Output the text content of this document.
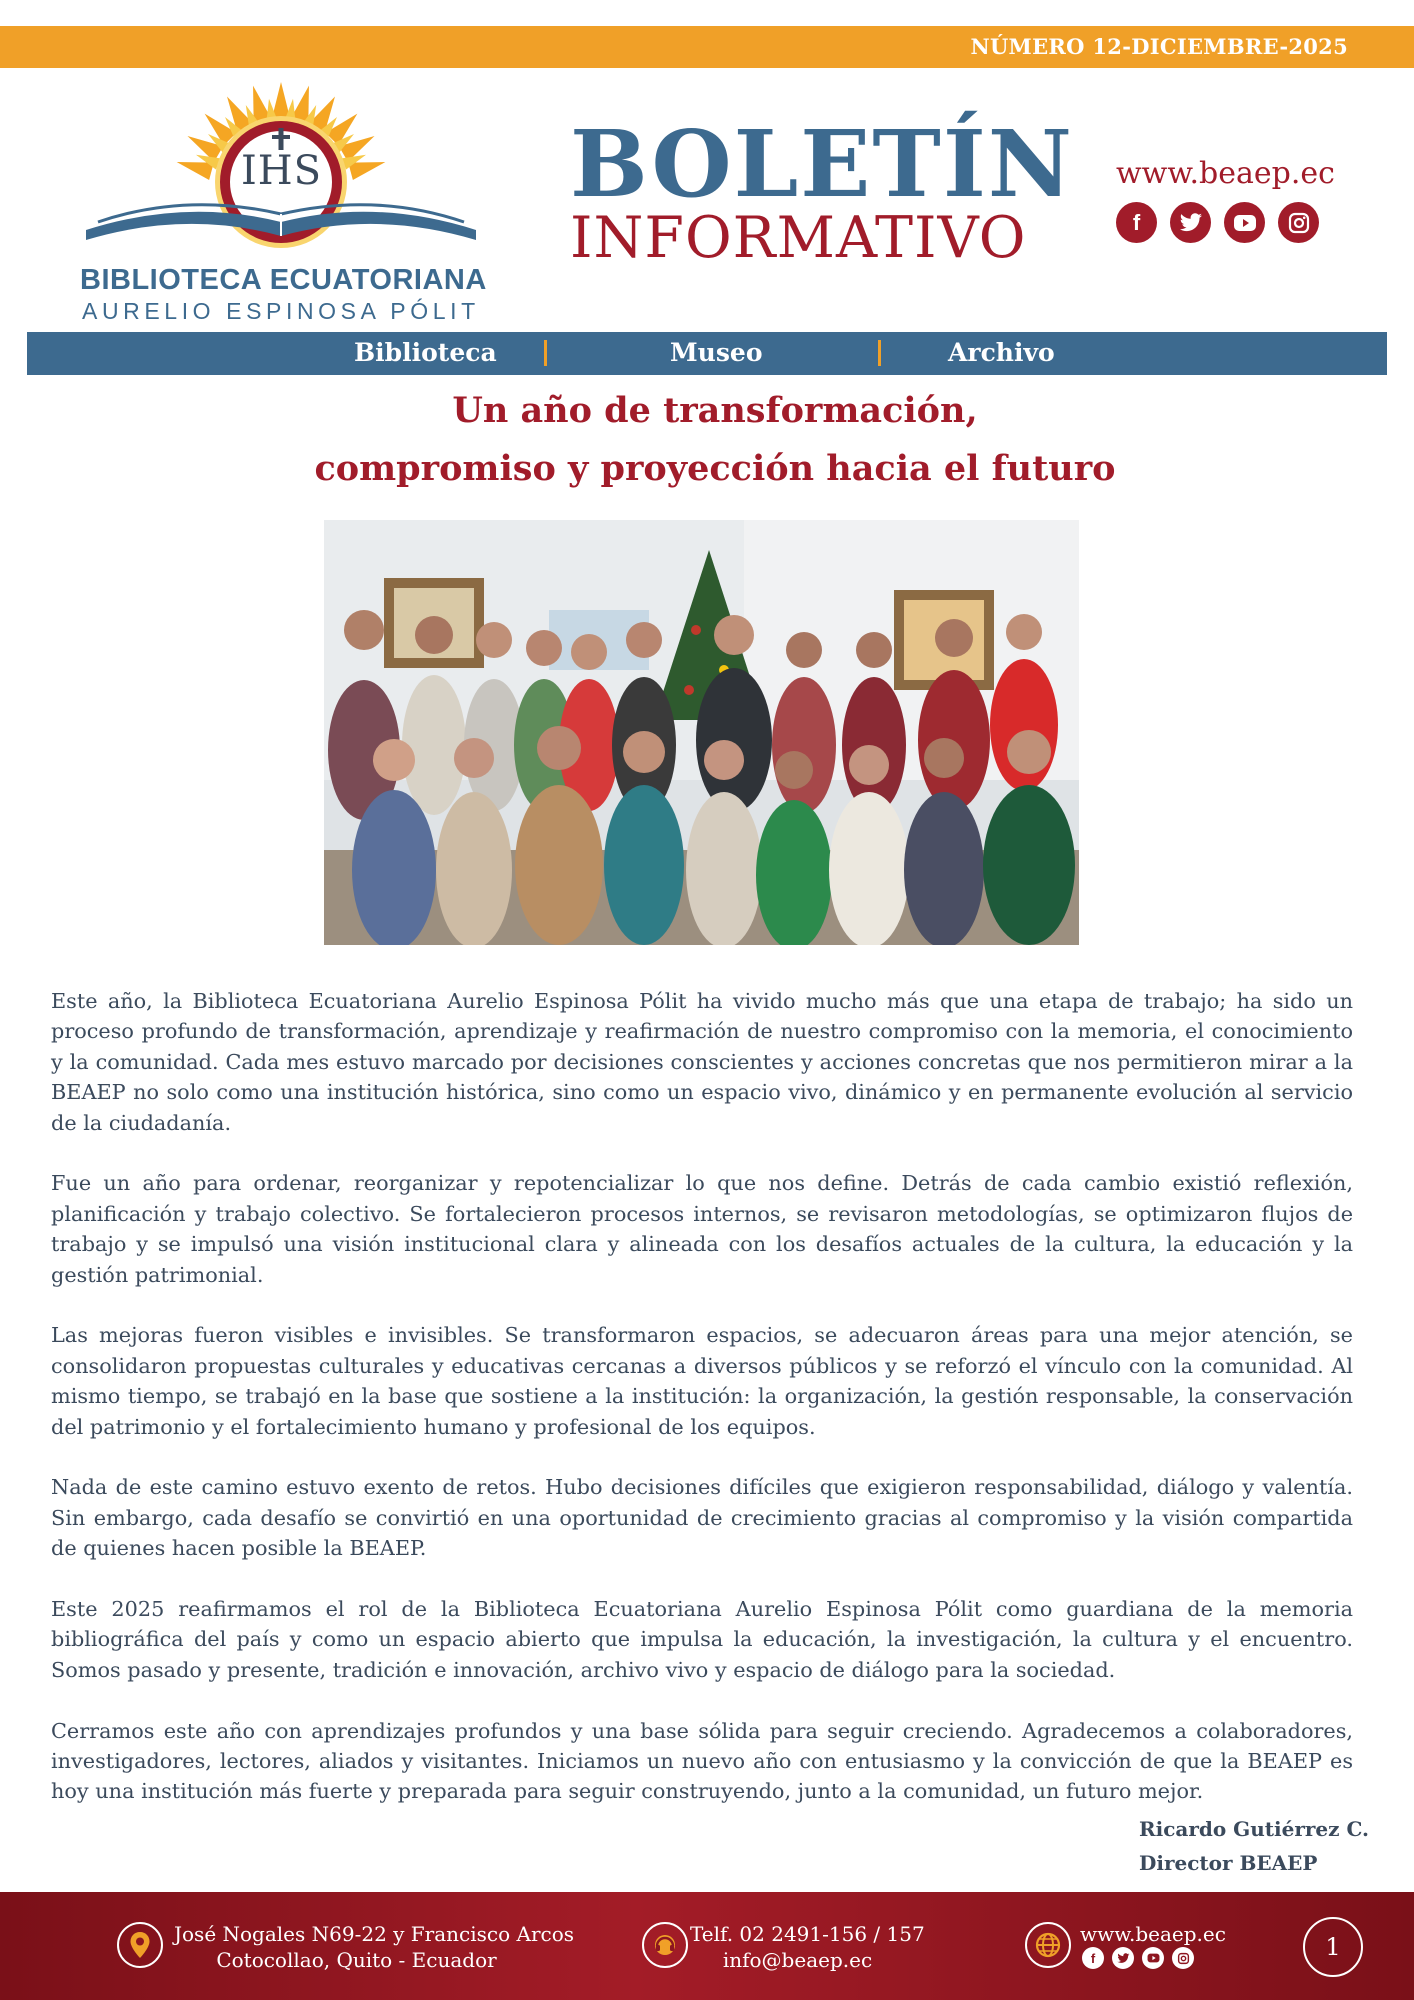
NÚMERO 12-DICIEMBRE-2025
IHS
BIBLIOTECA ECUATORIANA
AURELIO ESPINOSA PÓLIT
BOLETÍN
INFORMATIVO
www.beaep.ec
f
Biblioteca	Museo	Archivo
Un año de transformación,
compromiso y proyección hacia el futuro

Este año, la Biblioteca Ecuatoriana Aurelio Espinosa Pólit ha vivido mucho más que una etapa de trabajo; ha sido un proceso profundo de transformación, aprendizaje y reafirmación de nuestro compromiso con la memoria, el conocimiento y la comunidad. Cada mes estuvo marcado por decisiones conscientes y acciones concretas que nos permitieron mirar a la BEAEP no solo como una institución histórica, sino como un espacio vivo, dinámico y en permanente evolución al servicio de la ciudadanía.

Fue un año para ordenar, reorganizar y repotencializar lo que nos define. Detrás de cada cambio existió reflexión, planificación y trabajo colectivo. Se fortalecieron procesos internos, se revisaron metodologías, se optimizaron flujos de trabajo y se impulsó una visión institucional clara y alineada con los desafíos actuales de la cultura, la educación y la gestión patrimonial.

Las mejoras fueron visibles e invisibles. Se transformaron espacios, se adecuaron áreas para una mejor atención, se consolidaron propuestas culturales y educativas cercanas a diversos públicos y se reforzó el vínculo con la comunidad. Al mismo tiempo, se trabajó en la base que sostiene a la institución: la organización, la gestión responsable, la conservación del patrimonio y el fortalecimiento humano y profesional de los equipos.

Nada de este camino estuvo exento de retos. Hubo decisiones difíciles que exigieron responsabilidad, diálogo y valentía. Sin embargo, cada desafío se convirtió en una oportunidad de crecimiento gracias al compromiso y la visión compartida de quienes hacen posible la BEAEP.

Este 2025 reafirmamos el rol de la Biblioteca Ecuatoriana Aurelio Espinosa Pólit como guardiana de la memoria bibliográfica del país y como un espacio abierto que impulsa la educación, la investigación, la cultura y el encuentro. Somos pasado y presente, tradición e innovación, archivo vivo y espacio de diálogo para la sociedad.

Cerramos este año con aprendizajes profundos y una base sólida para seguir creciendo. Agradecemos a colaboradores, investigadores, lectores, aliados y visitantes. Iniciamos un nuevo año con entusiasmo y la convicción de que la BEAEP es hoy una institución más fuerte y preparada para seguir construyendo, junto a la comunidad, un futuro mejor.

Ricardo Gutiérrez C.
Director BEAEP
José Nogales N69-22 y Francisco Arcos
Cotocollao, Quito - Ecuador
Telf. 02 2491-156 / 157
info@beaep.ec
www.beaep.ec
f	1
